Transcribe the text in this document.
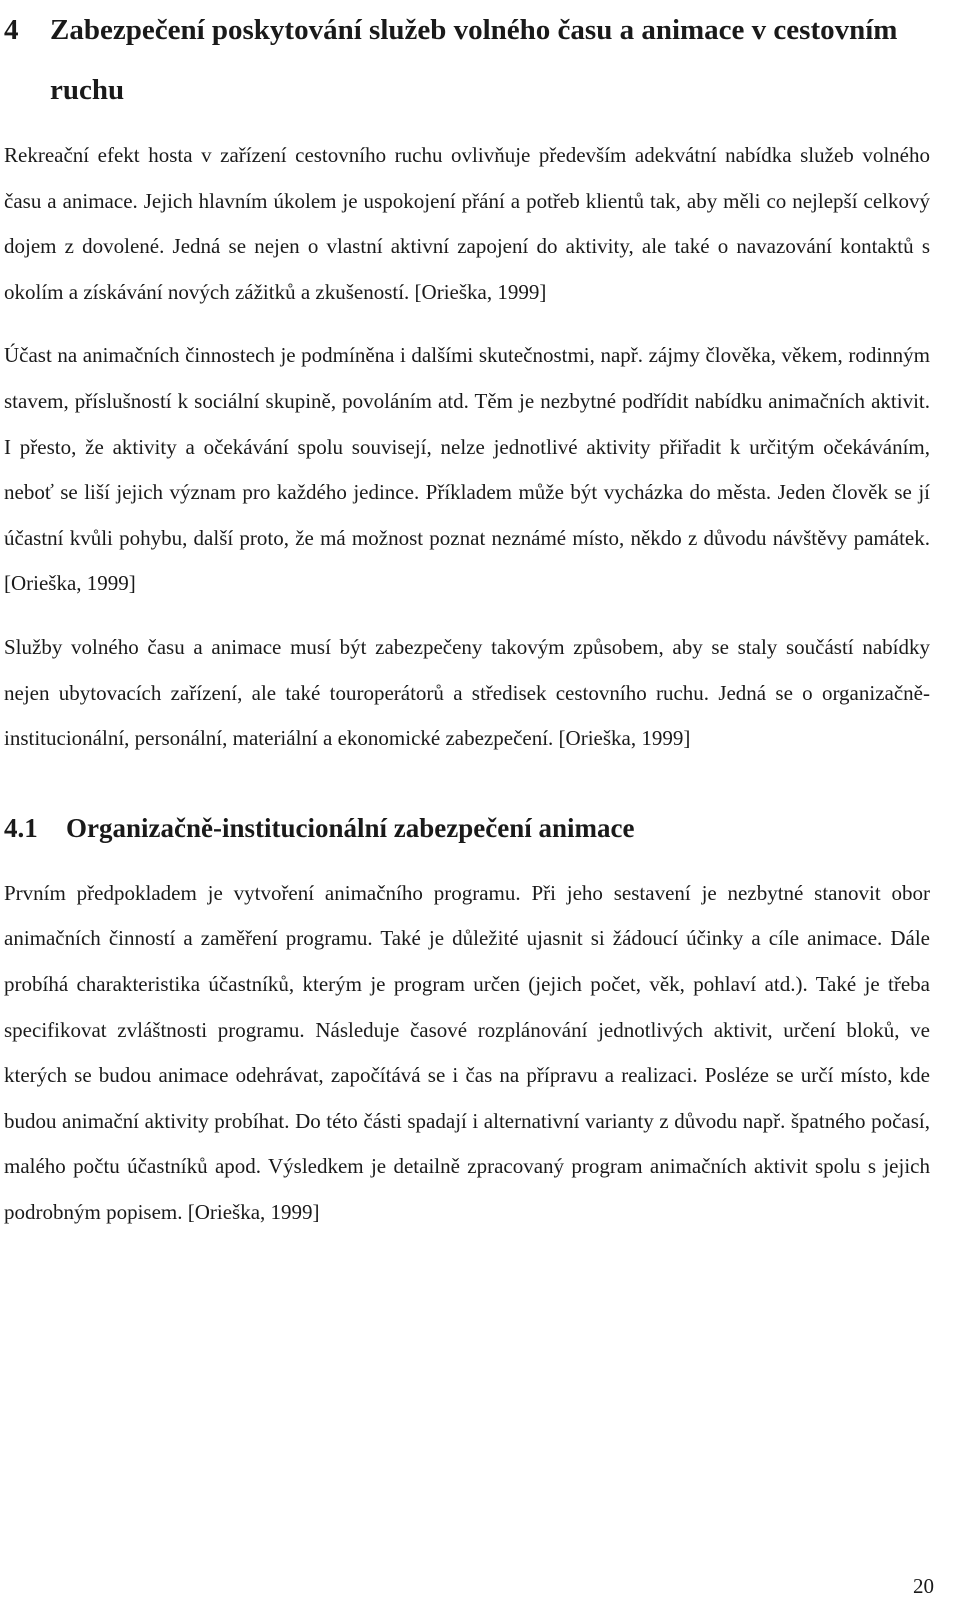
4	Zabezpečení poskytování služeb volného času a animace v cestovním ruchu

Rekreační efekt hosta v zařízení cestovního ruchu ovlivňuje především adekvátní nabídka služeb volného času a animace. Jejich hlavním úkolem je uspokojení přání a potřeb klientů tak, aby měli co nejlepší celkový dojem z dovolené. Jedná se nejen o vlastní aktivní zapojení do aktivity, ale také o navazování kontaktů s okolím a získávání nových zážitků a zkušeností. [Orieška, 1999]

Účast na animačních činnostech je podmíněna i dalšími skutečnostmi, např. zájmy člověka, věkem, rodinným stavem, příslušností k sociální skupině, povoláním atd. Těm je nezbytné podřídit nabídku animačních aktivit. I přesto, že aktivity a očekávání spolu souvisejí, nelze jednotlivé aktivity přiřadit k určitým očekáváním, neboť se liší jejich význam pro každého jedince. Příkladem může být vycházka do města. Jeden člověk se jí účastní kvůli pohybu, další proto, že má možnost poznat neznámé místo, někdo z důvodu návštěvy památek. [Orieška, 1999]

Služby volného času a animace musí být zabezpečeny takovým způsobem, aby se staly součástí nabídky nejen ubytovacích zařízení, ale také touroperátorů a středisek cestovního ruchu. Jedná se o organizačně-institucionální, personální, materiální a ekonomické zabezpečení. [Orieška, 1999]

4.1	Organizačně-institucionální zabezpečení animace

Prvním předpokladem je vytvoření animačního programu. Při jeho sestavení je nezbytné stanovit obor animačních činností a zaměření programu. Také je důležité ujasnit si žádoucí účinky a cíle animace. Dále probíhá charakteristika účastníků, kterým je program určen (jejich počet, věk, pohlaví atd.). Také je třeba specifikovat zvláštnosti programu. Následuje časové rozplánování jednotlivých aktivit, určení bloků, ve kterých se budou animace odehrávat, započítává se i čas na přípravu a realizaci. Posléze se určí místo, kde budou animační aktivity probíhat. Do této části spadají i alternativní varianty z důvodu např. špatného počasí, malého počtu účastníků apod. Výsledkem je detailně zpracovaný program animačních aktivit spolu s jejich podrobným popisem. [Orieška, 1999]

20
